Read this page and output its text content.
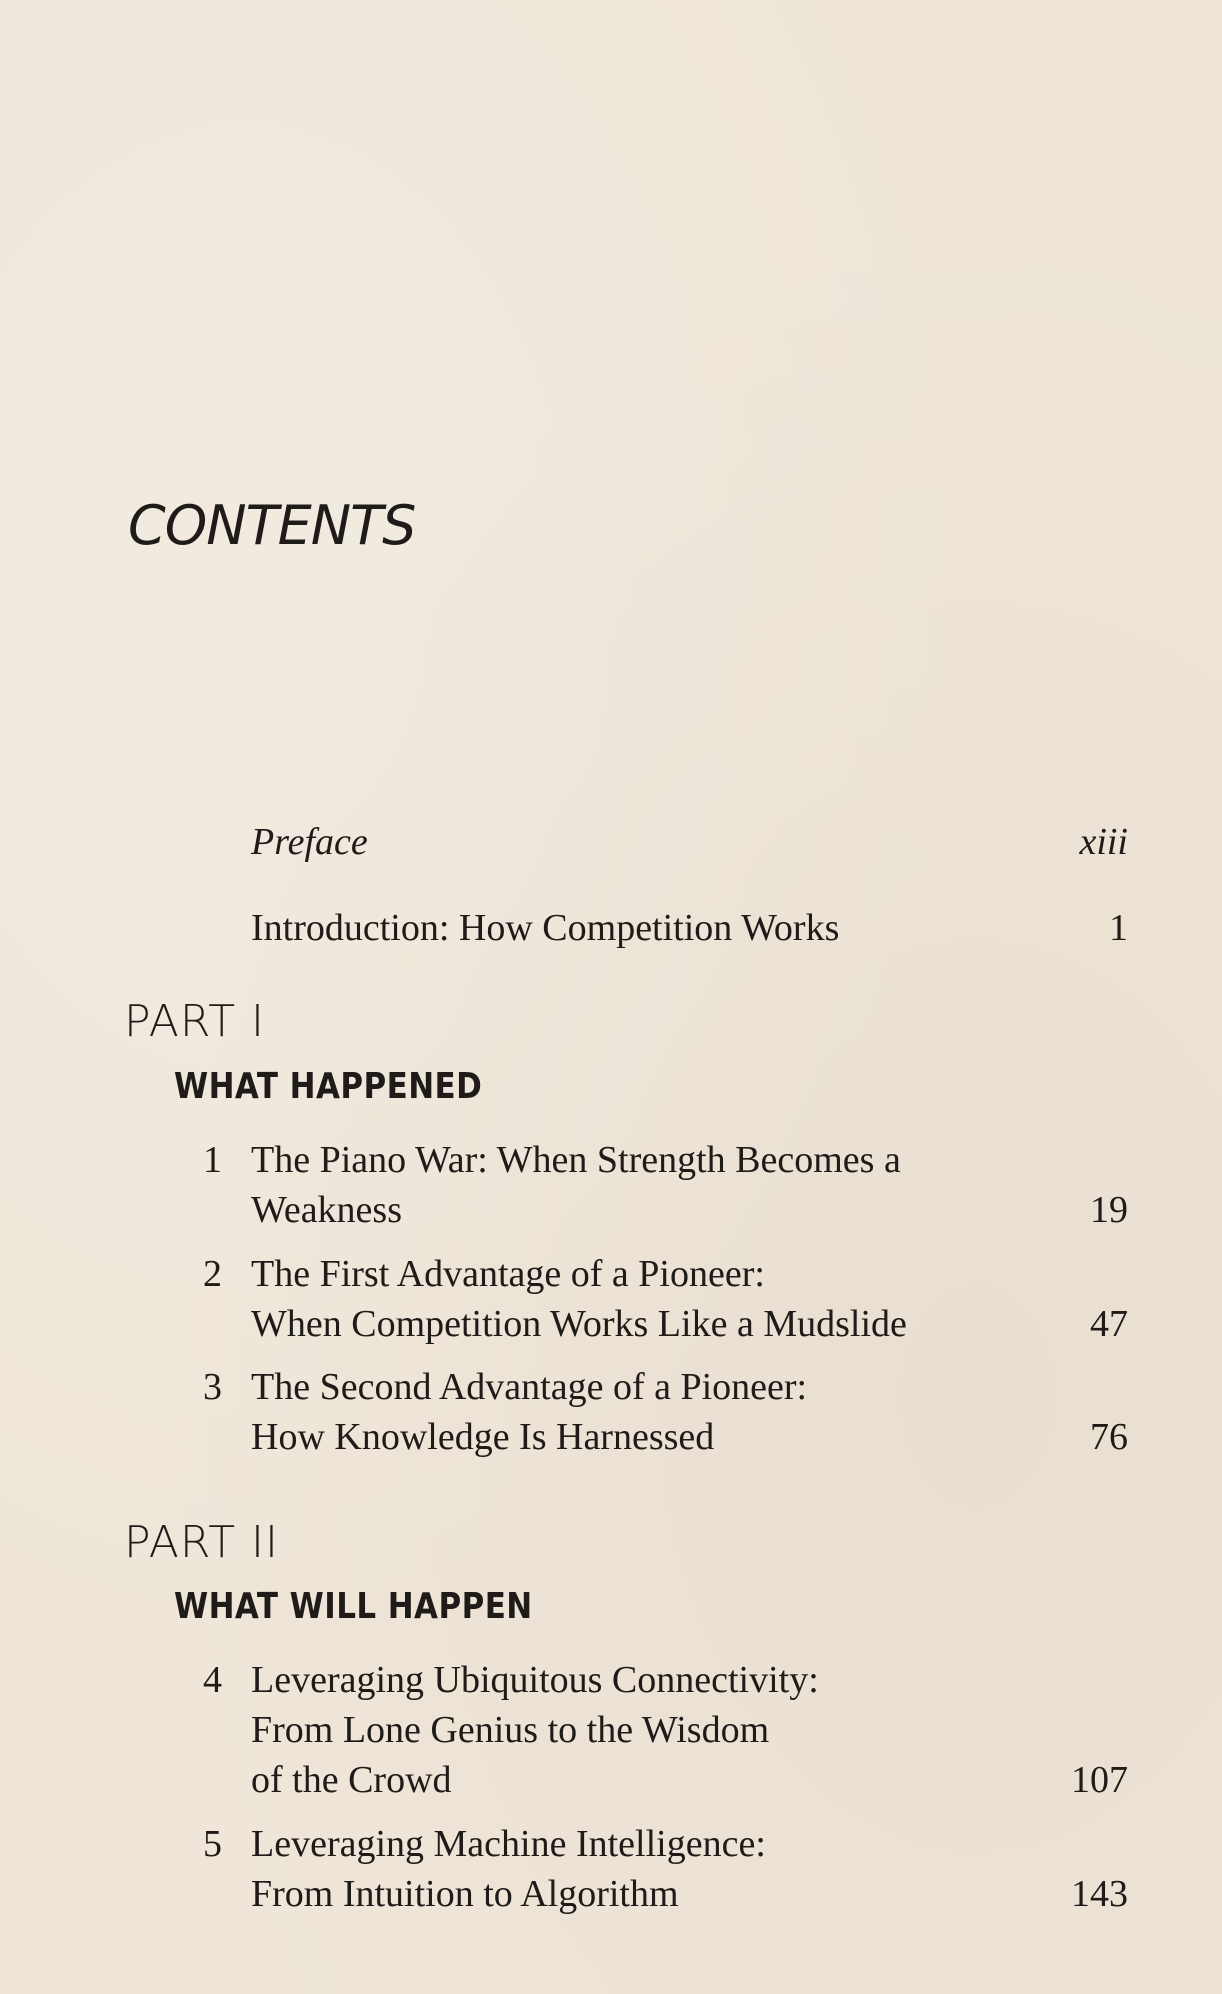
CONTENTS
Preface	xiii
Introduction: How Competition Works	1
PART I
WHAT HAPPENED
1 The Piano War: When Strength Becomes a
Weakness	19
2 The First Advantage of a Pioneer:
When Competition Works Like a Mudslide	47
3 The Second Advantage of a Pioneer:
How Knowledge Is Harnessed	76
PART II
WHAT WILL HAPPEN
4 Leveraging Ubiquitous Connectivity:
From Lone Genius to the Wisdom
of the Crowd	107
5 Leveraging Machine Intelligence:
From Intuition to Algorithm	143
